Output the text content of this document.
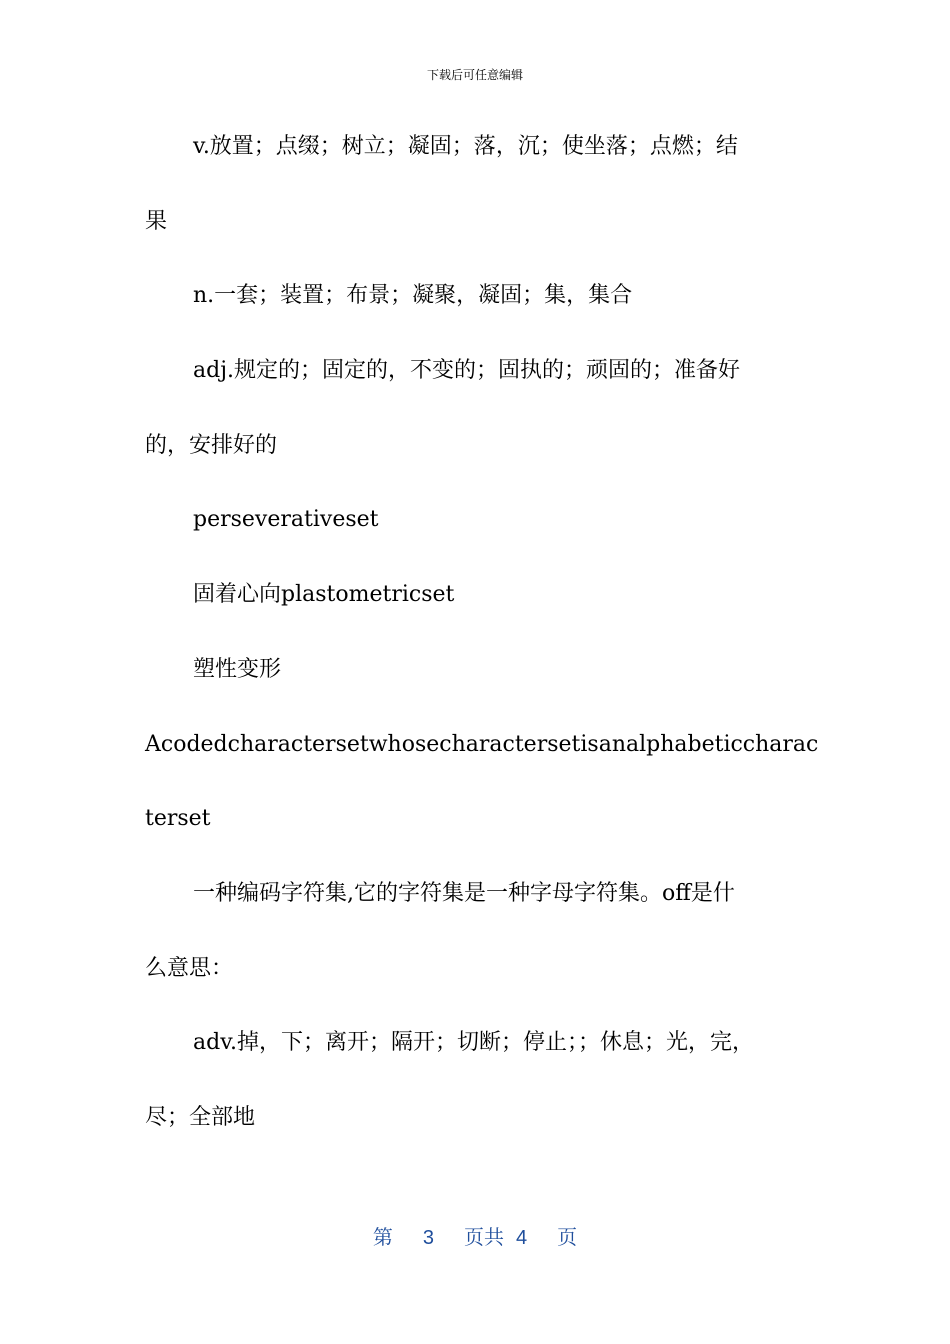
下载后可任意编辑
v.放置；点缀；树立；凝固；落，沉；使坐落；点燃；结
果
n.一套；装置；布景；凝聚，凝固；集，集合
adj.规定的；固定的，不变的；固执的；顽固的；准备好
的，安排好的
perseverativeset
固着心向plastometricset
塑性变形
Acodedcharactersetwhosecharactersetisanalphabeticcharac
terset
一种编码字符集,它的字符集是一种字母字符集。off是什
么意思：
adv.掉，下；离开；隔开；切断；停止；；休息；光，完，
尽；全部地
第 3 页共 4 页
